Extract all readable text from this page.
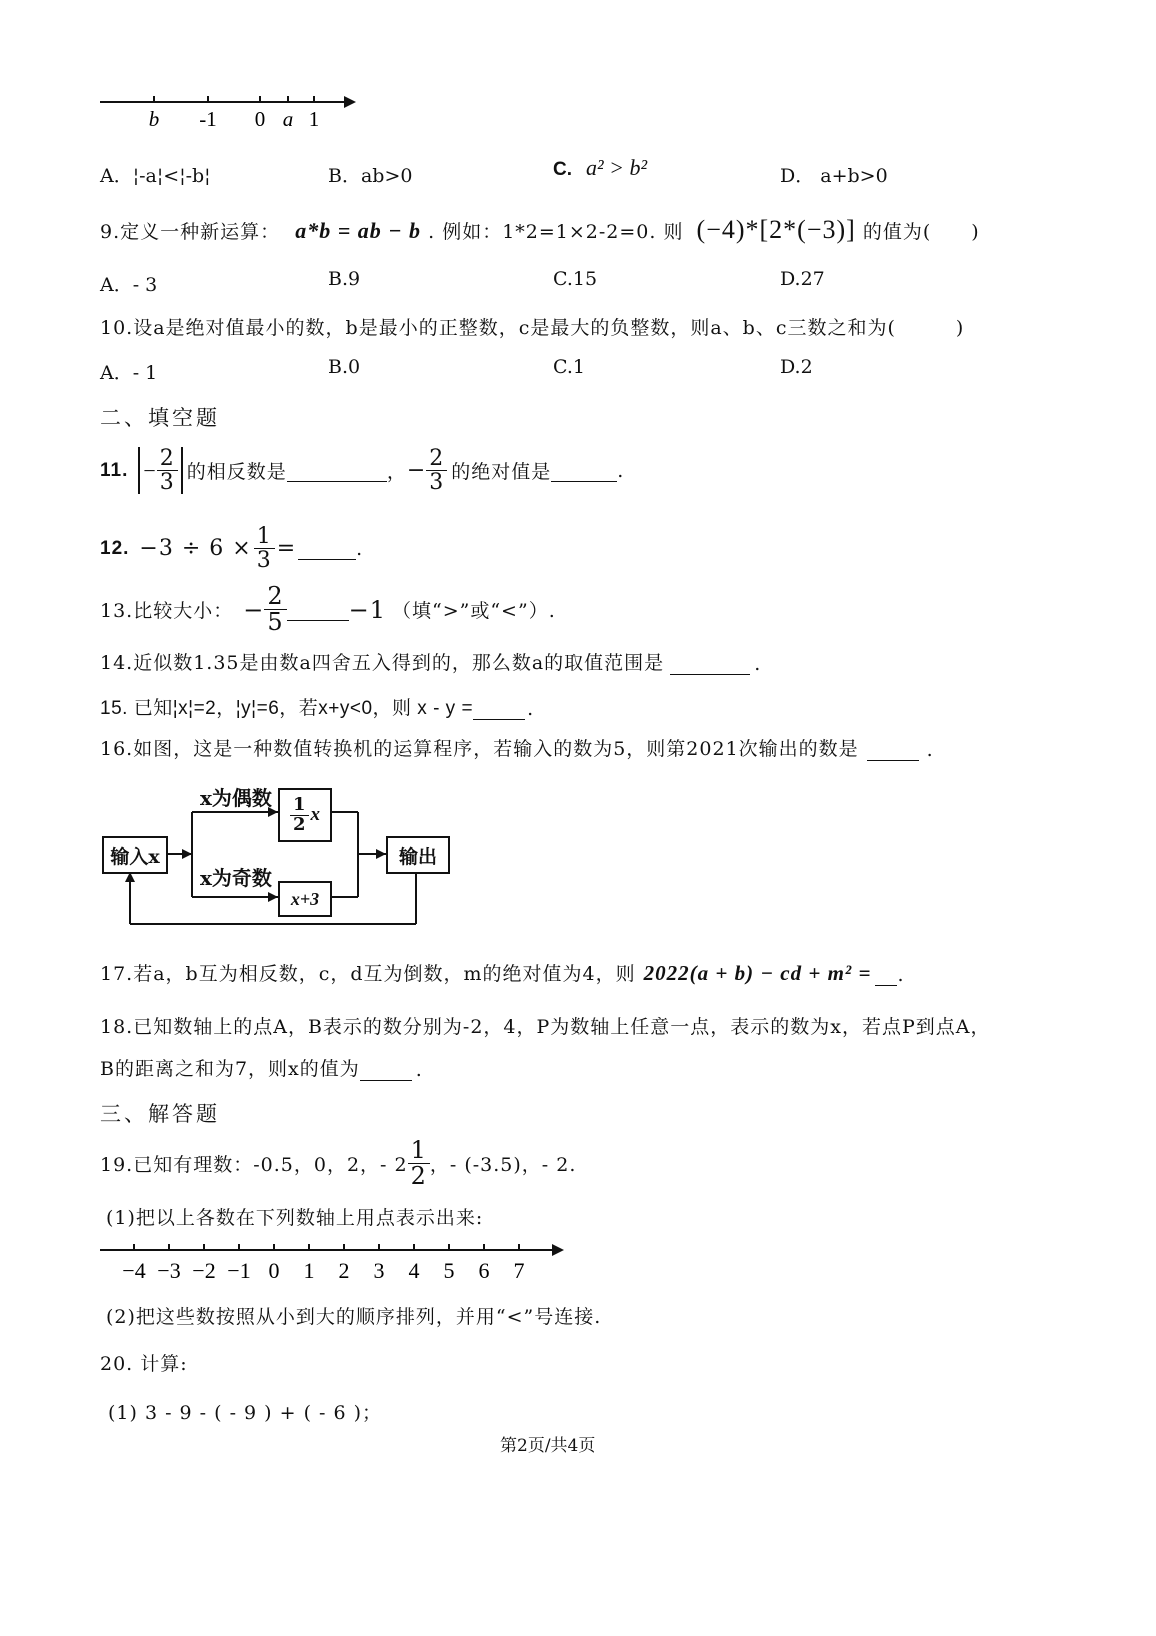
b -1 0 a 1
A．¦-a¦<¦-b¦	B．ab>0	C. a² > b²	D． a+b>0
9.定义一种新运算： a*b = ab − b . 例如：1*2=1×2-2=0. 则 (−4)*[2*(−3)] 的值为(　　)
A．- 3	B.9	C.15	D.27
10.设a是绝对值最小的数，b是最小的正整数，c是最大的负整数，则a、b、c三数之和为(　　　)
A．- 1	B.0	C.1	D.2
二、填空题
11. − $\frac{2}{3}$ 的相反数是	， − $\frac{2}{3}$ 的绝对值是	.
12. $-3 \div 6 \times \frac{1}{3}$ =	.
13.比较大小： − $\frac{2}{5}$	−1 （填“>”或“<”）.
14.近似数1.35是由数a四舍五入得到的，那么数a的取值范围是	.
15. 已知¦x¦=2，¦y¦=6，若x+y<0，则 x - y =	.
16.如图，这是一种数值转换机的运算程序，若输入的数为5，则第2021次输出的数是	.
输入x
x为偶数
x为奇数
$\frac{1}{2}$ x
x+3
输出
17.若a，b互为相反数，c，d互为倒数，m的绝对值为4，则 2022(a + b) − cd + m² = .
18.已知数轴上的点A，B表示的数分别为-2，4，P为数轴上任意一点，表示的数为x，若点P到点A，
B的距离之和为7，则x的值为	.
三、解答题
19.已知有理数：-0.5，0，2，- $2 \frac{1}{2}$ ，- (-3.5)，- 2.
(1)把以上各数在下列数轴上用点表示出来:
−4 −3 −2 −1 0 1 2 3 4 5 6 7
(2)把这些数按照从小到大的顺序排列，并用“<”号连接.
20. 计算:
(1) 3 - 9 - ( - 9 ) + ( - 6 )；
第2页/共4页
